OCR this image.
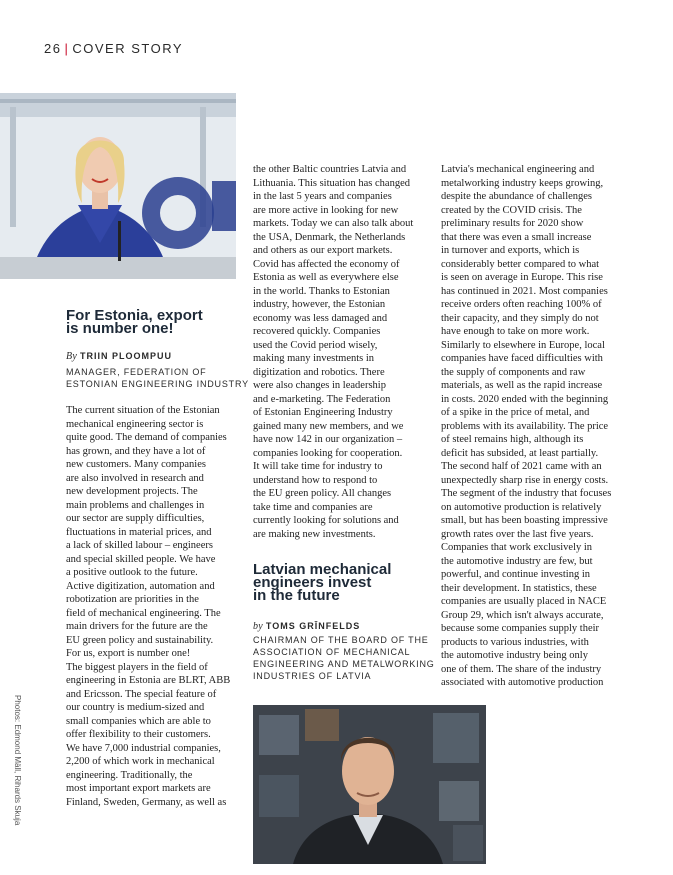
26 | COVER STORY
Photos: Edmond Mäll, Rihards Skuja
For Estonia, export
is number one!
By TRIIN PLOOMPUU
MANAGER, FEDERATION OF
ESTONIAN ENGINEERING INDUSTRY

The current situation of the Estonian

mechanical engineering sector is

quite good. The demand of companies

has grown, and they have a lot of

new customers. Many companies

are also involved in research and

new development projects. The

main problems and challenges in

our sector are supply difficulties,

fluctuations in material prices, and

a lack of skilled labour – engineers

and special skilled people. We have

a positive outlook to the future.

Active digitization, automation and

robotization are priorities in the

field of mechanical engineering. The

main drivers for the future are the

EU green policy and sustainability.

For us, export is number one!

The biggest players in the field of

engineering in Estonia are BLRT, ABB

and Ericsson. The special feature of

our country is medium-sized and

small companies which are able to

offer flexibility to their customers.

We have 7,000 industrial companies,

2,200 of which work in mechanical

engineering. Traditionally, the

most important export markets are

Finland, Sweden, Germany, as well as

the other Baltic countries Latvia and

Lithuania. This situation has changed

in the last 5 years and companies

are more active in looking for new

markets. Today we can also talk about

the USA, Denmark, the Netherlands

and others as our export markets.

Covid has affected the economy of

Estonia as well as everywhere else

in the world. Thanks to Estonian

industry, however, the Estonian

economy was less damaged and

recovered quickly. Companies

used the Covid period wisely,

making many investments in

digitization and robotics. There

were also changes in leadership

and e-marketing. The Federation

of Estonian Engineering Industry

gained many new members, and we

have now 142 in our organization –

companies looking for cooperation.

It will take time for industry to

understand how to respond to

the EU green policy. All changes

take time and companies are

currently looking for solutions and

are making new investments.

Latvian mechanical
engineers invest
in the future
by TOMS GRĪNFELDS
CHAIRMAN OF THE BOARD OF THE
ASSOCIATION OF MECHANICAL
ENGINEERING AND METALWORKING
INDUSTRIES OF LATVIA

Latvia's mechanical engineering and

metalworking industry keeps growing,

despite the abundance of challenges

created by the COVID crisis. The

preliminary results for 2020 show

that there was even a small increase

in turnover and exports, which is

considerably better compared to what

is seen on average in Europe. This rise

has continued in 2021. Most companies

receive orders often reaching 100% of

their capacity, and they simply do not

have enough to take on more work.

Similarly to elsewhere in Europe, local

companies have faced difficulties with

the supply of components and raw

materials, as well as the rapid increase

in costs. 2020 ended with the beginning

of a spike in the price of metal, and

problems with its availability. The price

of steel remains high, although its

deficit has subsided, at least partially.

The second half of 2021 came with an

unexpectedly sharp rise in energy costs.

The segment of the industry that focuses

on automotive production is relatively

small, but has been boasting impressive

growth rates over the last five years.

Companies that work exclusively in

the automotive industry are few, but

powerful, and continue investing in

their development. In statistics, these

companies are usually placed in NACE

Group 29, which isn't always accurate,

because some companies supply their

products to various industries, with

the automotive industry being only

one of them. The share of the industry

associated with automotive production
